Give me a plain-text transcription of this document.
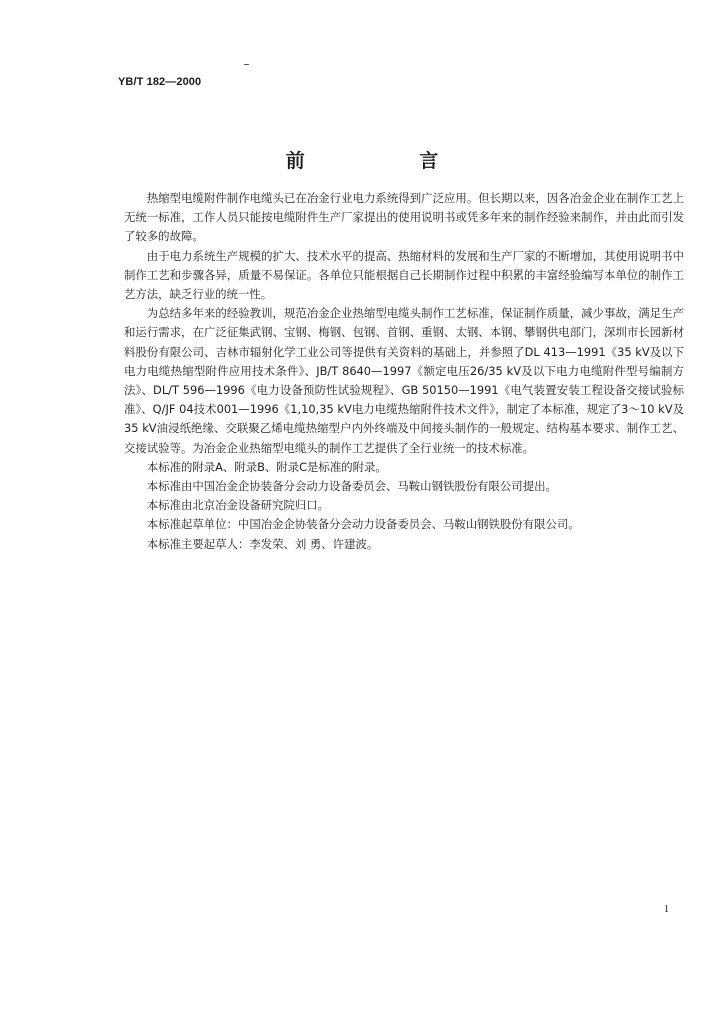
YB/T 182—2000
前 言

热缩型电缆附件制作电缆头已在冶金行业电力系统得到广泛应用。但长期以来，因各冶金企业在制作工艺上无统一标准，工作人员只能按电缆附件生产厂家提出的使用说明书或凭多年来的制作经验来制作，并由此而引发了较多的故障。

由于电力系统生产规模的扩大、技术水平的提高、热缩材料的发展和生产厂家的不断增加，其使用说明书中制作工艺和步骤各异，质量不易保证。各单位只能根据自己长期制作过程中积累的丰富经验编写本单位的制作工艺方法，缺乏行业的统一性。

为总结多年来的经验教训，规范冶金企业热缩型电缆头制作工艺标准，保证制作质量，减少事故，满足生产和运行需求，在广泛征集武钢、宝钢、梅钢、包钢、首钢、重钢、太钢、本钢、攀钢供电部门，深圳市长园新材料股份有限公司、吉林市辐射化学工业公司等提供有关资料的基础上，并参照了DL 413—1991《35 kV及以下电力电缆热缩型附件应用技术条件》、JB/T 8640—1997《额定电压26/35 kV及以下电力电缆附件型号编制方法》、DL/T 596—1996《电力设备预防性试验规程》、GB 50150—1991《电气装置安装工程设备交接试验标准》、Q/JF 04技术001—1996《1,10,35 kV电力电缆热缩附件技术文件》，制定了本标准，规定了3～10 kV及35 kV油浸纸绝缘、交联聚乙烯电缆热缩型户内外终端及中间接头制作的一般规定、结构基本要求、制作工艺、交接试验等。为冶金企业热缩型电缆头的制作工艺提供了全行业统一的技术标准。

本标准的附录A、附录B、附录C是标准的附录。

本标准由中国冶金企协装备分会动力设备委员会、马鞍山钢铁股份有限公司提出。

本标准由北京冶金设备研究院归口。

本标准起草单位：中国冶金企协装备分会动力设备委员会、马鞍山钢铁股份有限公司。

本标准主要起草人：李发荣、刘 勇、许建波。

1
